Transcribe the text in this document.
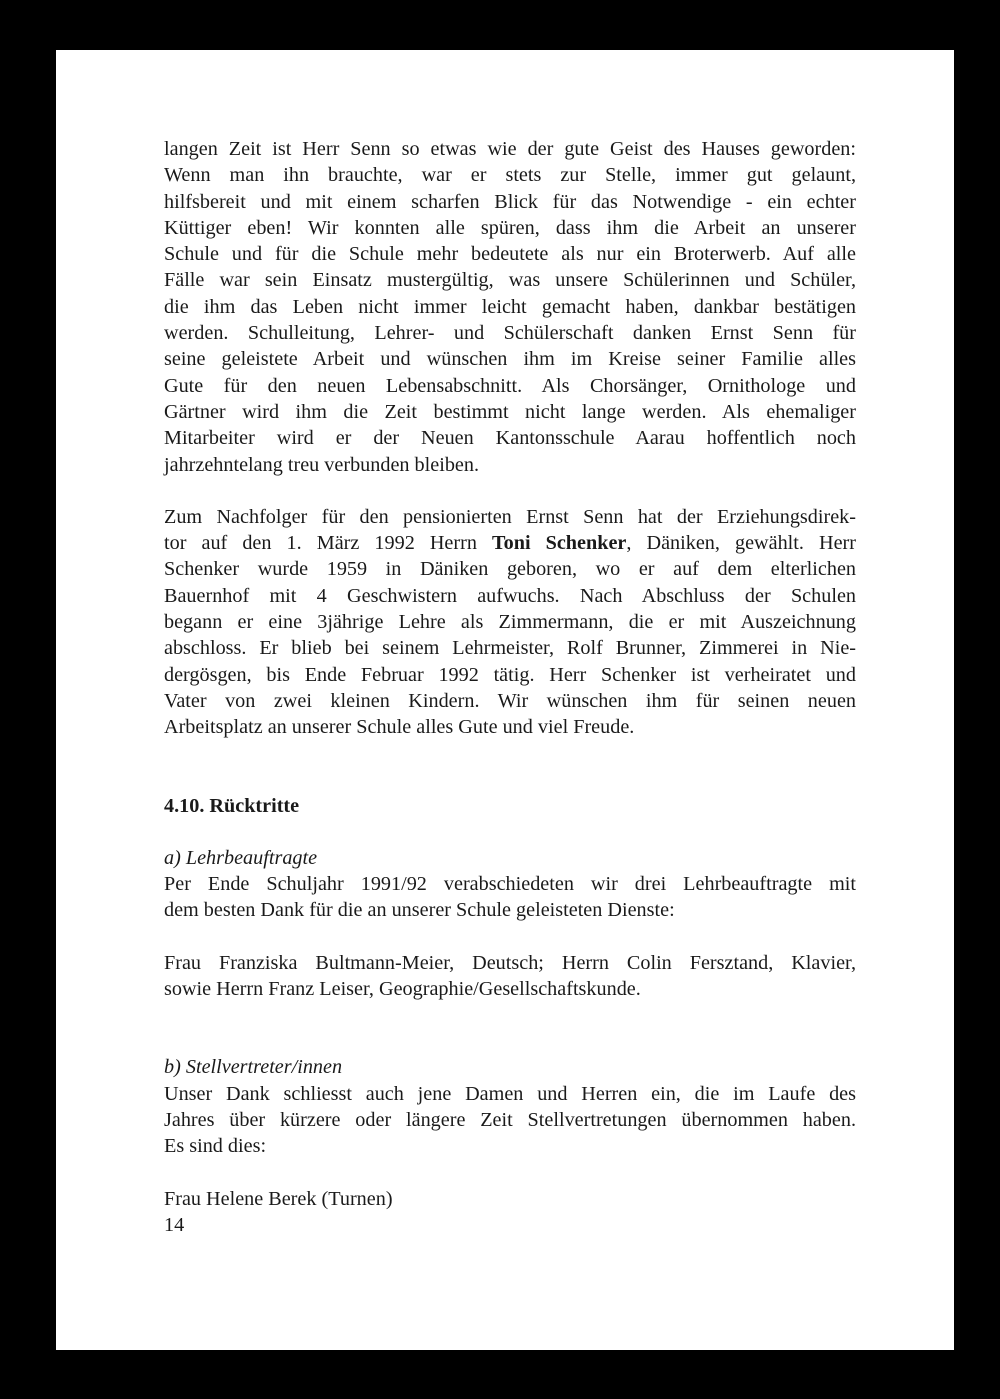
langen Zeit ist Herr Senn so etwas wie der gute Geist des Hauses geworden:

Wenn man ihn brauchte, war er stets zur Stelle, immer gut gelaunt,

hilfsbereit und mit einem scharfen Blick für das Notwendige - ein echter

Küttiger eben! Wir konnten alle spüren, dass ihm die Arbeit an unserer

Schule und für die Schule mehr bedeutete als nur ein Broterwerb. Auf alle

Fälle war sein Einsatz mustergültig, was unsere Schülerinnen und Schüler,

die ihm das Leben nicht immer leicht gemacht haben, dankbar bestätigen

werden. Schulleitung, Lehrer- und Schülerschaft danken Ernst Senn für

seine geleistete Arbeit und wünschen ihm im Kreise seiner Familie alles

Gute für den neuen Lebensabschnitt. Als Chorsänger, Ornithologe und

Gärtner wird ihm die Zeit bestimmt nicht lange werden. Als ehemaliger

Mitarbeiter wird er der Neuen Kantonsschule Aarau hoffentlich noch

jahrzehntelang treu verbunden bleiben.

Zum Nachfolger für den pensionierten Ernst Senn hat der Erziehungsdirek-

tor auf den 1. März 1992 Herrn Toni Schenker, Däniken, gewählt. Herr

Schenker wurde 1959 in Däniken geboren, wo er auf dem elterlichen

Bauernhof mit 4 Geschwistern aufwuchs. Nach Abschluss der Schulen

begann er eine 3jährige Lehre als Zimmermann, die er mit Auszeichnung

abschloss. Er blieb bei seinem Lehrmeister, Rolf Brunner, Zimmerei in Nie-

dergösgen, bis Ende Februar 1992 tätig. Herr Schenker ist verheiratet und

Vater von zwei kleinen Kindern. Wir wünschen ihm für seinen neuen

Arbeitsplatz an unserer Schule alles Gute und viel Freude.

4.10. Rücktritte

a) Lehrbeauftragte

Per Ende Schuljahr 1991/92 verabschiedeten wir drei Lehrbeauftragte mit

dem besten Dank für die an unserer Schule geleisteten Dienste:

Frau Franziska Bultmann-Meier, Deutsch; Herrn Colin Fersztand, Klavier,

sowie Herrn Franz Leiser, Geographie/Gesellschaftskunde.

b) Stellvertreter/innen

Unser Dank schliesst auch jene Damen und Herren ein, die im Laufe des

Jahres über kürzere oder längere Zeit Stellvertretungen übernommen haben.

Es sind dies:

Frau Helene Berek (Turnen)

14
